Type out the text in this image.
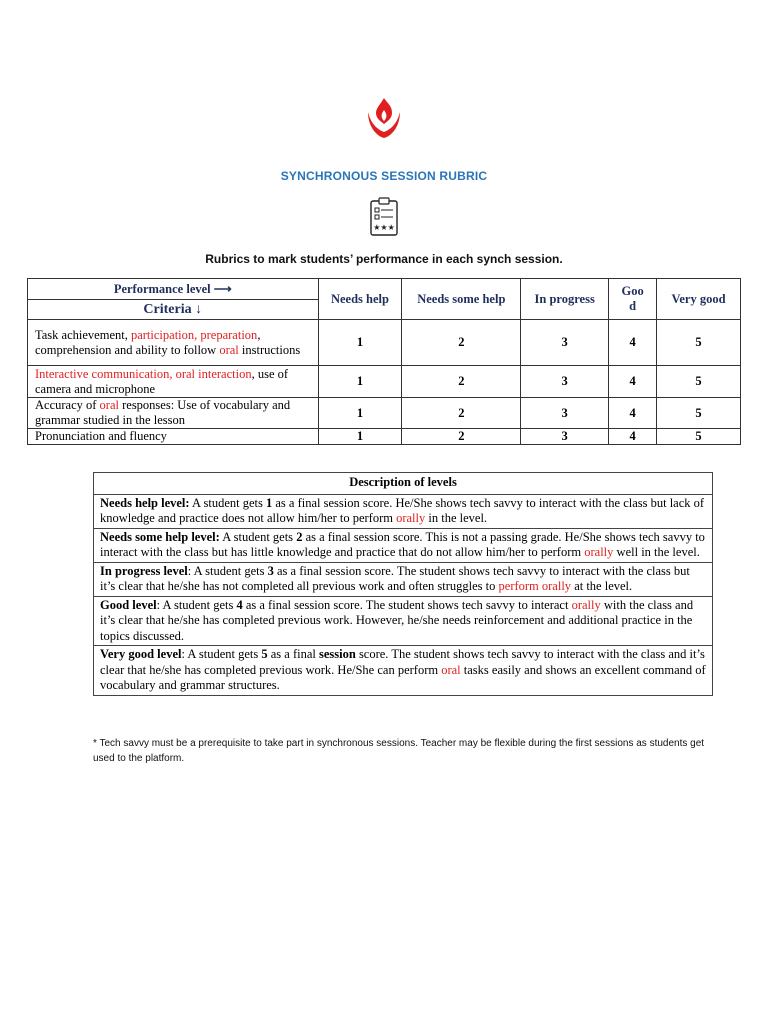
SYNCHRONOUS SESSION RUBRIC
★★★
Rubrics to mark students’ performance in each synch session.
Performance level ⟶	Needs help	Needs some help	In progress	Goo d	Very good
Criteria ↓					
Task achievement, participation, preparation, comprehension and ability to follow oral instructions	1	2	3	4	5
Interactive communication, oral interaction, use of camera and microphone	1	2	3	4	5
Accuracy of oral responses: Use of vocabulary and grammar studied in the lesson	1	2	3	4	5
Pronunciation and fluency	1	2	3	4	5
Description of levels
Needs help level: A student gets 1 as a final session score. He/She shows tech savvy to interact with the class but lack of knowledge and practice does not allow him/her to perform orally in the level.
Needs some help level: A student gets 2 as a final session score. This is not a passing grade. He/She shows tech savvy to interact with the class but has little knowledge and practice that do not allow him/her to perform orally well in the level.
In progress level: A student gets 3 as a final session score. The student shows tech savvy to interact with the class but it’s clear that he/she has not completed all previous work and often struggles to perform orally at the level.
Good level: A student gets 4 as a final session score. The student shows tech savvy to interact orally with the class and it’s clear that he/she has completed previous work. However, he/she needs reinforcement and additional practice in the topics discussed.
Very good level: A student gets 5 as a final session score. The student shows tech savvy to interact with the class and it’s clear that he/she has completed previous work. He/She can perform oral tasks easily and shows an excellent command of vocabulary and grammar structures.
* Tech savvy must be a prerequisite to take part in synchronous sessions. Teacher may be flexible during the first sessions as students get used to the platform.
